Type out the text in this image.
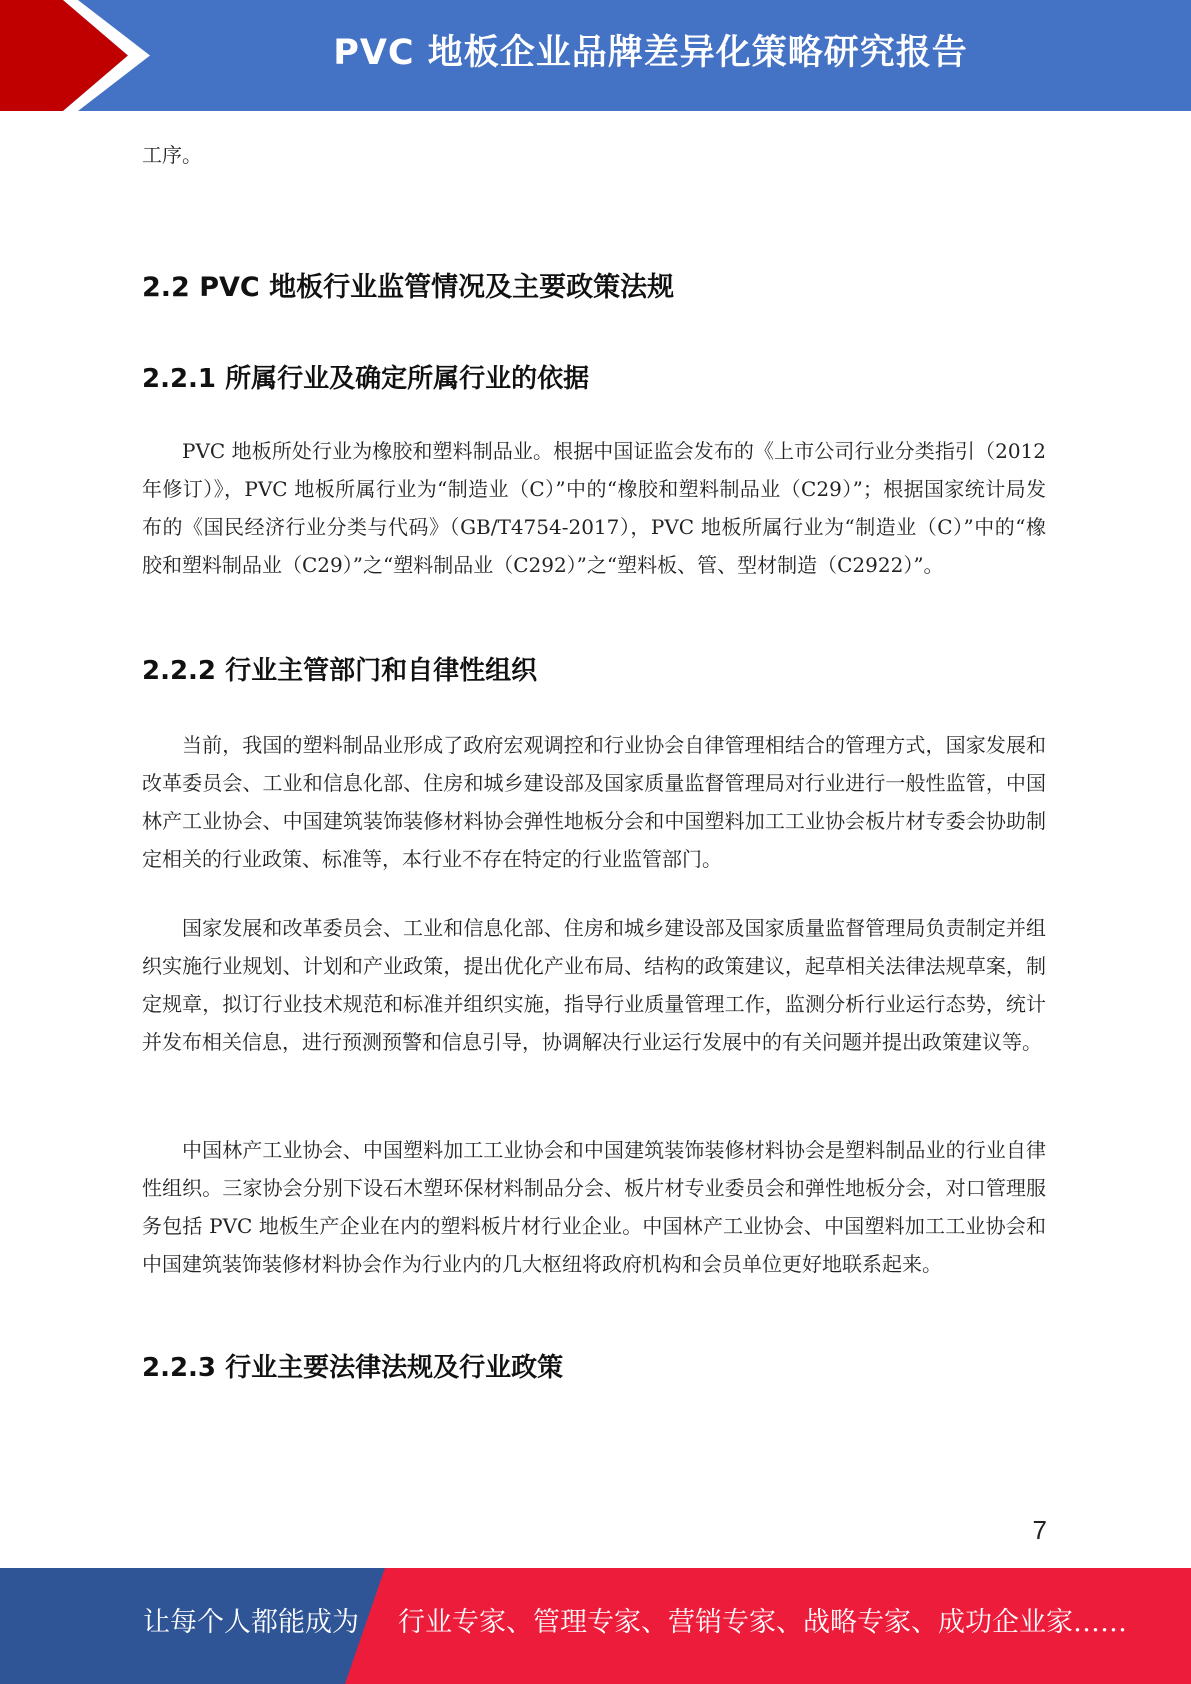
PVC 地板企业品牌差异化策略研究报告

工序。

2.2 PVC 地板行业监管情况及主要政策法规
2.2.1 所属行业及确定所属行业的依据

PVC 地板所处行业为橡胶和塑料制品业。根据中国证监会发布的《上市公司行业分类指引（2012 年修订）》，PVC 地板所属行业为“制造业（C）”中的“橡胶和塑料制品业（C29）”；根据国家统计局发布的《国民经济行业分类与代码》（GB/T4754-2017），PVC 地板所属行业为“制造业（C）”中的“橡胶和塑料制品业（C29）”之“塑料制品业（C292）”之“塑料板、管、型材制造（C2922）”。

2.2.2 行业主管部门和自律性组织

当前，我国的塑料制品业形成了政府宏观调控和行业协会自律管理相结合的管理方式，国家发展和改革委员会、工业和信息化部、住房和城乡建设部及国家质量监督管理局对行业进行一般性监管，中国林产工业协会、中国建筑装饰装修材料协会弹性地板分会和中国塑料加工工业协会板片材专委会协助制定相关的行业政策、标准等，本行业不存在特定的行业监管部门。

国家发展和改革委员会、工业和信息化部、住房和城乡建设部及国家质量监督管理局负责制定并组织实施行业规划、计划和产业政策，提出优化产业布局、结构的政策建议，起草相关法律法规草案，制定规章，拟订行业技术规范和标准并组织实施，指导行业质量管理工作，监测分析行业运行态势，统计并发布相关信息，进行预测预警和信息引导，协调解决行业运行发展中的有关问题并提出政策建议等。

中国林产工业协会、中国塑料加工工业协会和中国建筑装饰装修材料协会是塑料制品业的行业自律性组织。三家协会分别下设石木塑环保材料制品分会、板片材专业委员会和弹性地板分会，对口管理服务包括 PVC 地板生产企业在内的塑料板片材行业企业。中国林产工业协会、中国塑料加工工业协会和中国建筑装饰装修材料协会作为行业内的几大枢纽将政府机构和会员单位更好地联系起来。

2.2.3 行业主要法律法规及行业政策
7
让每个人都能成为 行业专家、管理专家、营销专家、战略专家、成功企业家……
